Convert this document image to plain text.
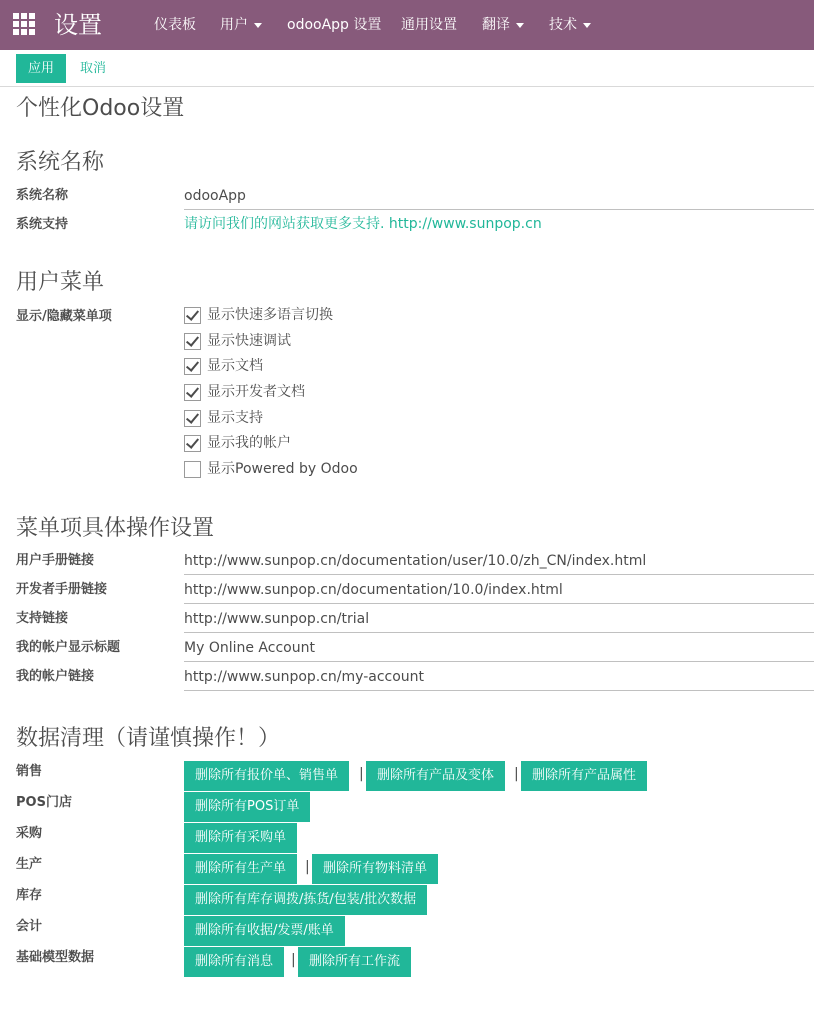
设置	仪表板 用户	odooApp 设置 通用设置 翻译	技术
应用	取消
个性化Odoo设置
系统名称
系统名称	odooApp
系统支持	请访问我们的网站获取更多支持. http://www.sunpop.cn
用户菜单
显示/隐藏菜单项	显示快速多语言切换
显示快速调试
显示文档
显示开发者文档
显示支持
显示我的帐户
显示Powered by Odoo
菜单项具体操作设置
用户手册链接	http://www.sunpop.cn/documentation/user/10.0/zh_CN/index.html
开发者手册链接	http://www.sunpop.cn/documentation/10.0/index.html
支持链接	http://www.sunpop.cn/trial
我的帐户显示标题	My Online Account
我的帐户链接	http://www.sunpop.cn/my-account
数据清理（请谨慎操作！）
销售	删除所有报价单、销售单	|	删除所有产品及变体	|	删除所有产品属性
POS门店	删除所有POS订单
采购	删除所有采购单
生产	删除所有生产单	|	删除所有物料清单
库存	删除所有库存调拨/拣货/包装/批次数据
会计	删除所有收据/发票/账单
基础模型数据	删除所有消息	|	删除所有工作流
